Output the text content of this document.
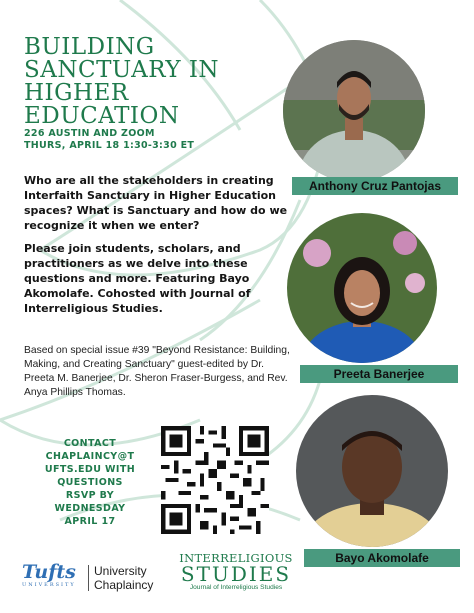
BUILDING
SANCTUARY IN
HIGHER
EDUCATION
226 AUSTIN AND ZOOM
THURS, APRIL 18 1:30-3:30 ET
Who are all the stakeholders in creating Interfaith Sanctuary in Higher Education spaces? What is Sanctuary and how do we recognize it when we enter?
Please join students, scholars, and practitioners as we delve into these questions and more. Featuring Bayo Akomolafe. Cohosted with Journal of Interreligious Studies.
Based on special issue #39 "Beyond Resistance: Building, Making, and Creating Sanctuary" guest-edited by Dr. Preeta M. Banerjee, Dr. Sheron Fraser-Burgess, and Rev. Anya Phillips Thomas.
CONTACT
CHAPLAINCY@T
UFTS.EDU WITH
QUESTIONS
RSVP BY
WEDNESDAY
APRIL 17
Anthony Cruz Pantojas
Preeta Banerjee
Bayo Akomolafe
Tufts
UNIVERSITY
University
Chaplaincy
INTERRELIGIOUS
STUDIES
Journal of Interreligious Studies
